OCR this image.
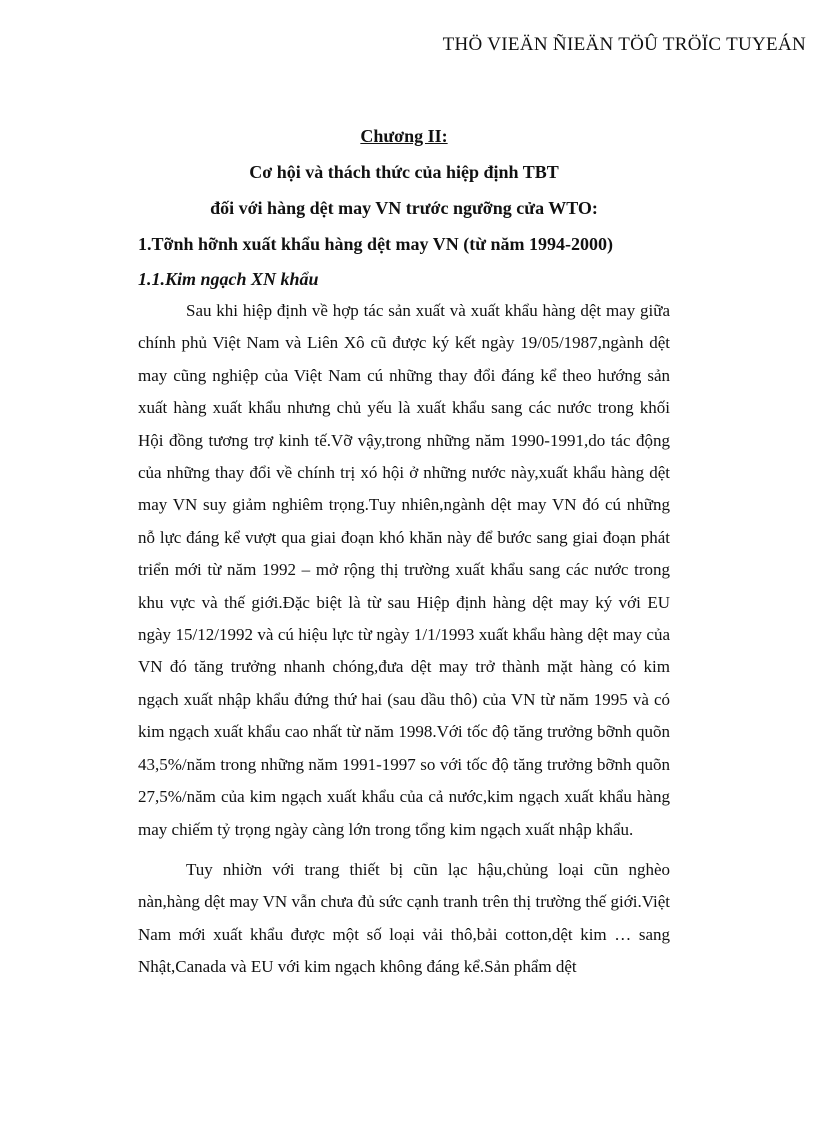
THÖ VIEÄN ÑIEÄN TÖÛ TRÖÏC TUYEÁN
Chương II:
Cơ hội và thách thức của hiệp định TBT
đối với hàng dệt may VN trước ngưỡng cửa WTO:
1.Tỡnh hỡnh xuất khẩu hàng dệt may VN (từ năm 1994-2000)
1.1.Kim ngạch XN khẩu

Sau khi hiệp định về hợp tác sản xuất và xuất khẩu hàng dệt may giữa chính phủ Việt Nam và Liên Xô cũ được ký kết ngày 19/05/1987,ngành dệt may cũng nghiệp của Việt Nam cú những thay đổi đáng kể theo hướng sản xuất hàng xuất khẩu nhưng chủ yếu là xuất khẩu sang các nước trong khối Hội đồng tương trợ kinh tế.Vỡ vậy,trong những năm 1990-1991,do tác động của những thay đổi về chính trị xó hội ở những nước này,xuất khẩu hàng dệt may VN suy giảm nghiêm trọng.Tuy nhiên,ngành dệt may VN đó cú những nỗ lực đáng kể vượt qua giai đoạn khó khăn này để bước sang giai đoạn phát triển mới từ năm 1992 – mở rộng thị trường xuất khẩu sang các nước trong khu vực và thế giới.Đặc biệt là từ sau Hiệp định hàng dệt may ký với EU ngày 15/12/1992 và cú hiệu lực từ ngày 1/1/1993 xuất khẩu hàng dệt may của VN đó tăng trưởng nhanh chóng,đưa dệt may trở thành mặt hàng có kim ngạch xuất nhập khẩu đứng thứ hai (sau dầu thô) của VN từ năm 1995 và có kim ngạch xuất khẩu cao nhất từ năm 1998.Với tốc độ tăng trưởng bỡnh quõn 43,5%/năm trong những năm 1991-1997 so với tốc độ tăng trưởng bỡnh quõn 27,5%/năm của kim ngạch xuất khẩu của cả nước,kim ngạch xuất khẩu hàng may chiếm tỷ trọng ngày càng lớn trong tổng kim ngạch xuất nhập khẩu.

Tuy nhiờn với trang thiết bị cũn lạc hậu,chủng loại cũn nghèo nàn,hàng dệt may VN vẫn chưa đủ sức cạnh tranh trên thị trường thế giới.Việt Nam mới xuất khẩu được một số loại vải thô,bải cotton,dệt kim … sang Nhật,Canada và EU với kim ngạch không đáng kể.Sản phẩm dệt
